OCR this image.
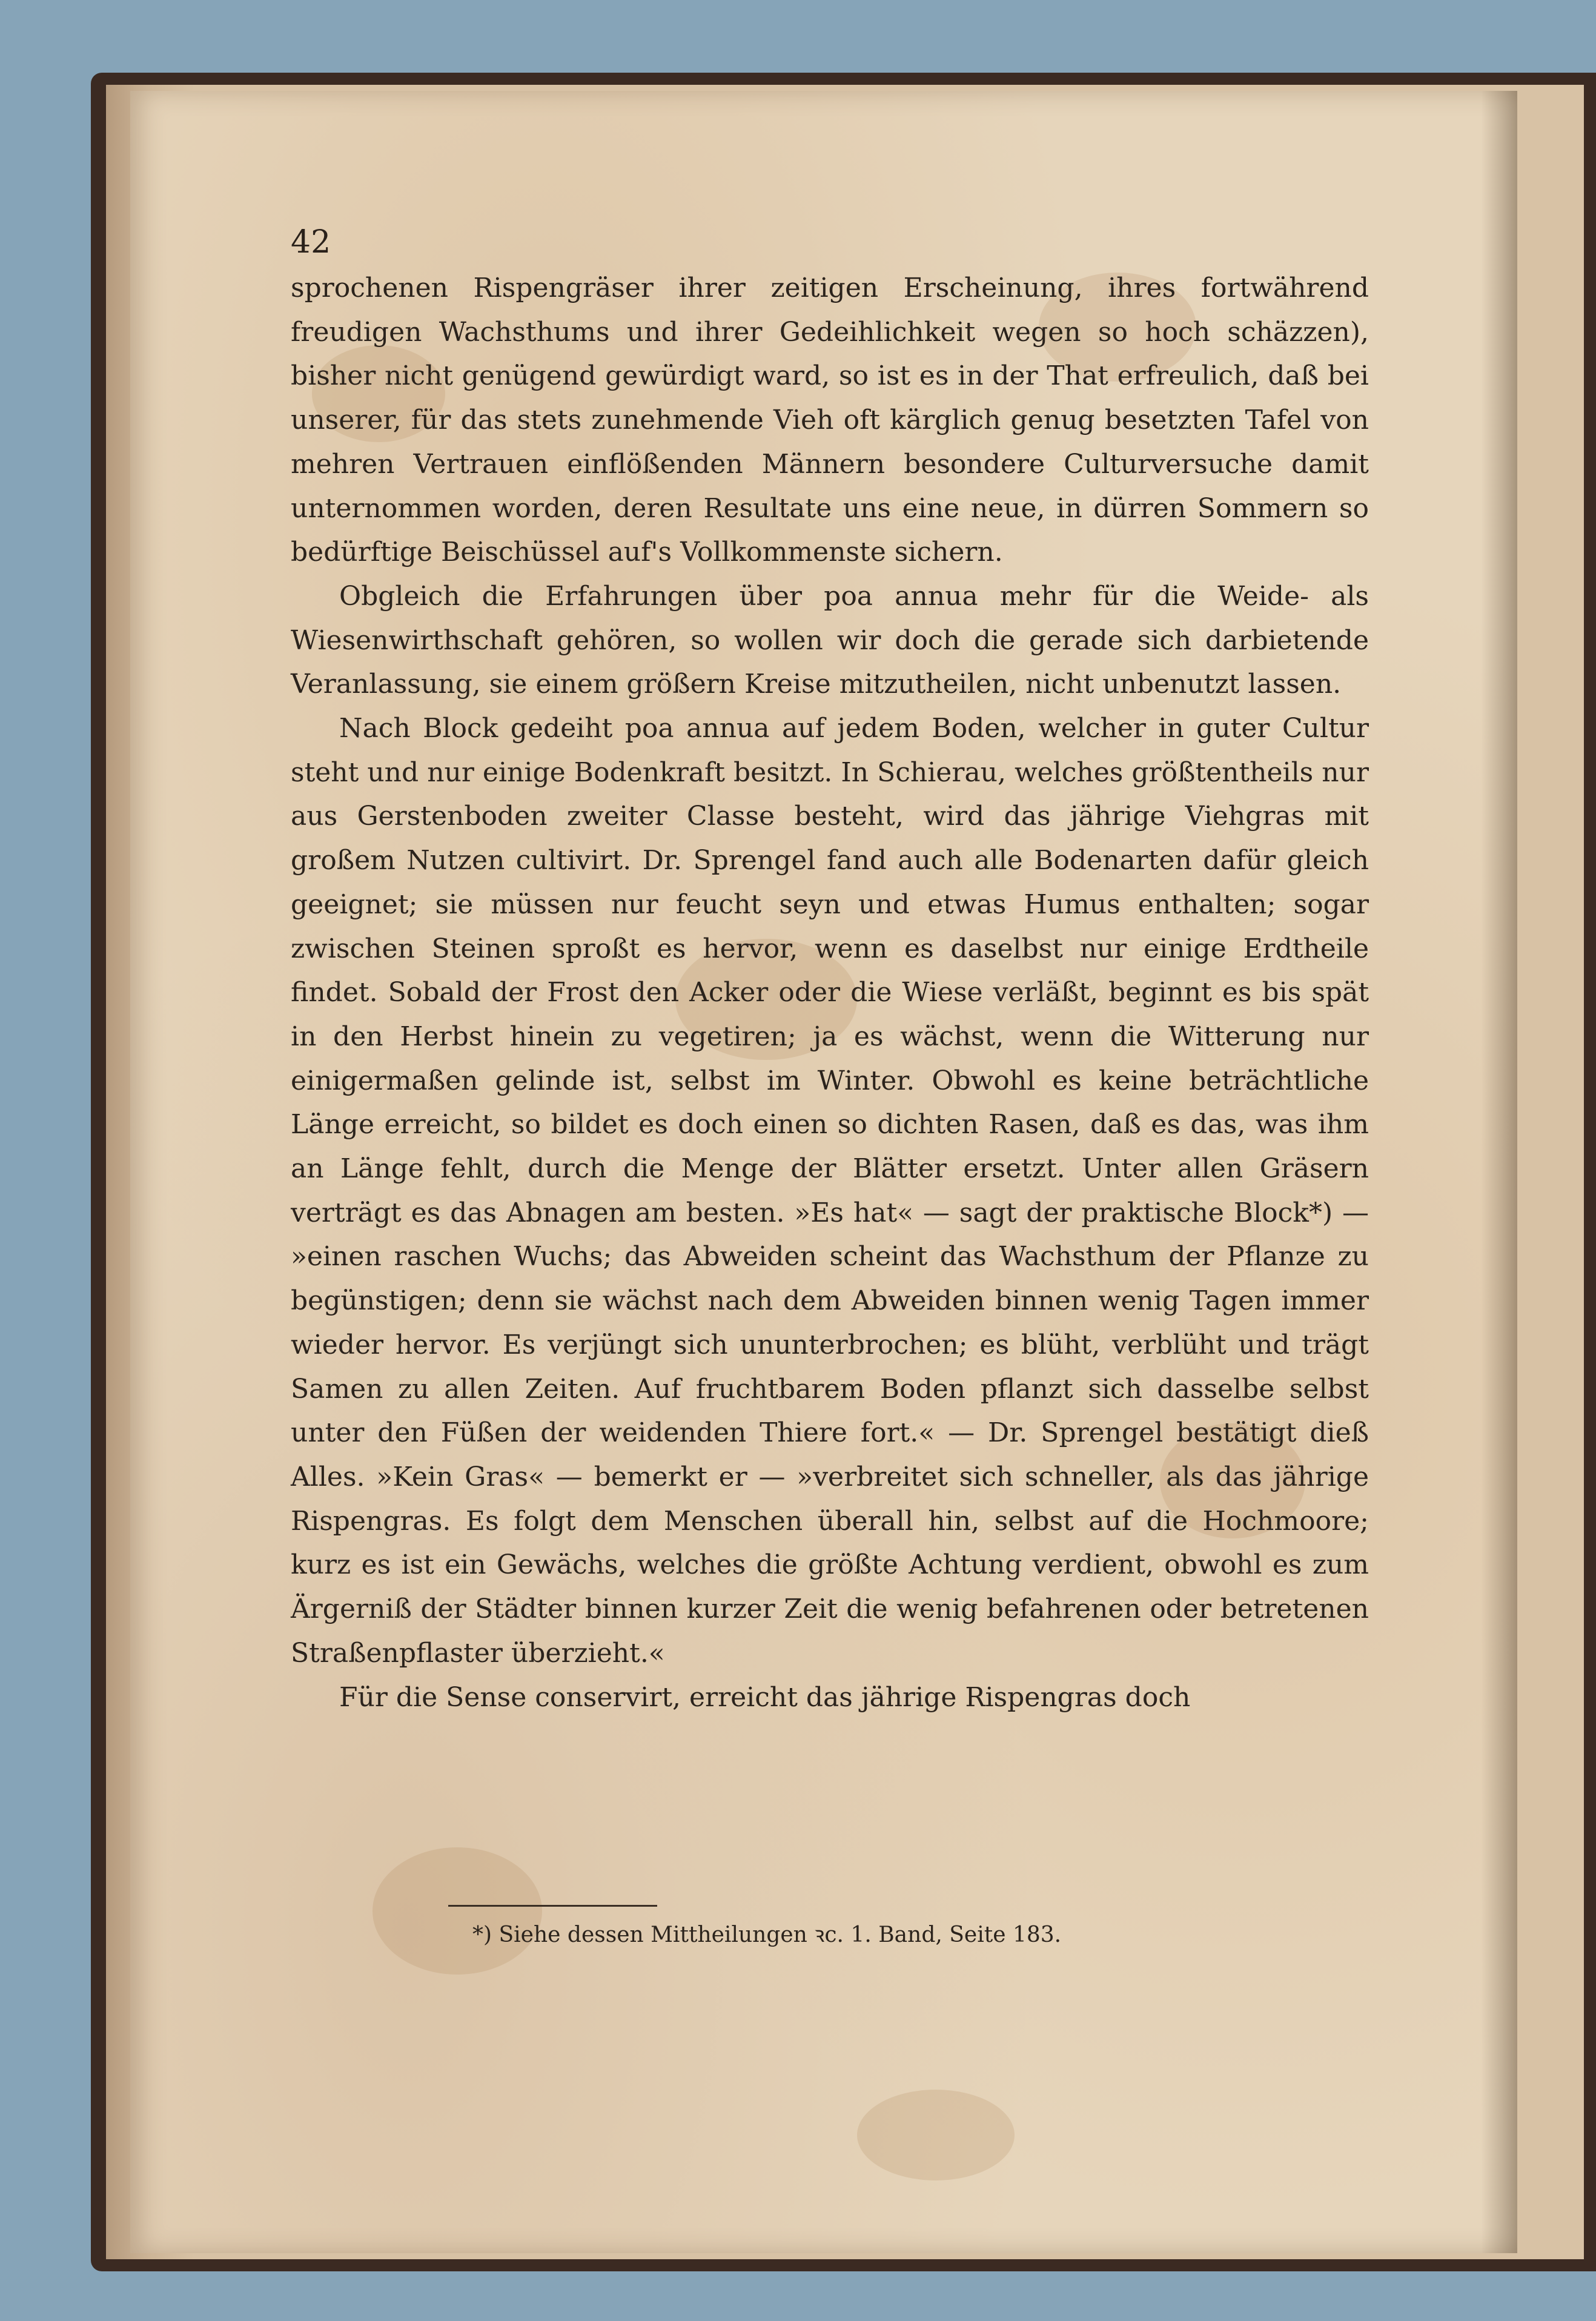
42

sprochenen Rispengräser ihrer zeitigen Erscheinung, ihres fortwährend freudigen Wachsthums und ihrer Gedeihlichkeit wegen so hoch schäzzen), bisher nicht genügend gewürdigt ward, so ist es in der That erfreulich, daß bei unserer, für das stets zunehmende Vieh oft kärglich genug besetzten Tafel von mehren Vertrauen einflößenden Männern besondere Culturversuche damit unternommen worden, deren Resultate uns eine neue, in dürren Sommern so bedürftige Beischüssel auf's Vollkommenste sichern.

Obgleich die Erfahrungen über poa annua mehr für die Weide- als Wiesenwirthschaft gehören, so wollen wir doch die gerade sich darbietende Veranlassung, sie einem größern Kreise mitzutheilen, nicht unbenutzt lassen.

Nach Block gedeiht poa annua auf jedem Boden, welcher in guter Cultur steht und nur einige Bodenkraft besitzt. In Schierau, welches größtentheils nur aus Gerstenboden zweiter Classe besteht, wird das jährige Viehgras mit großem Nutzen cultivirt. Dr. Sprengel fand auch alle Bodenarten dafür gleich geeignet; sie müssen nur feucht seyn und etwas Humus enthalten; sogar zwischen Steinen sproßt es hervor, wenn es daselbst nur einige Erdtheile findet. Sobald der Frost den Acker oder die Wiese verläßt, beginnt es bis spät in den Herbst hinein zu vegetiren; ja es wächst, wenn die Witterung nur einigermaßen gelinde ist, selbst im Winter. Obwohl es keine beträchtliche Länge erreicht, so bildet es doch einen so dichten Rasen, daß es das, was ihm an Länge fehlt, durch die Menge der Blätter ersetzt. Unter allen Gräsern verträgt es das Abnagen am besten. »Es hat« — sagt der praktische Block*) — »einen raschen Wuchs; das Abweiden scheint das Wachsthum der Pflanze zu begünstigen; denn sie wächst nach dem Abweiden binnen wenig Tagen immer wieder hervor. Es verjüngt sich ununterbrochen; es blüht, verblüht und trägt Samen zu allen Zeiten. Auf fruchtbarem Boden pflanzt sich dasselbe selbst unter den Füßen der weidenden Thiere fort.« — Dr. Sprengel bestätigt dieß Alles. »Kein Gras« — bemerkt er — »verbreitet sich schneller, als das jährige Rispengras. Es folgt dem Menschen überall hin, selbst auf die Hochmoore; kurz es ist ein Gewächs, welches die größte Achtung verdient, obwohl es zum Ärgerniß der Städter binnen kurzer Zeit die wenig befahrenen oder betretenen Straßenpflaster überzieht.«

Für die Sense conservirt, erreicht das jährige Rispengras doch

*) Siehe dessen Mittheilungen ꝛc. 1. Band, Seite 183.
